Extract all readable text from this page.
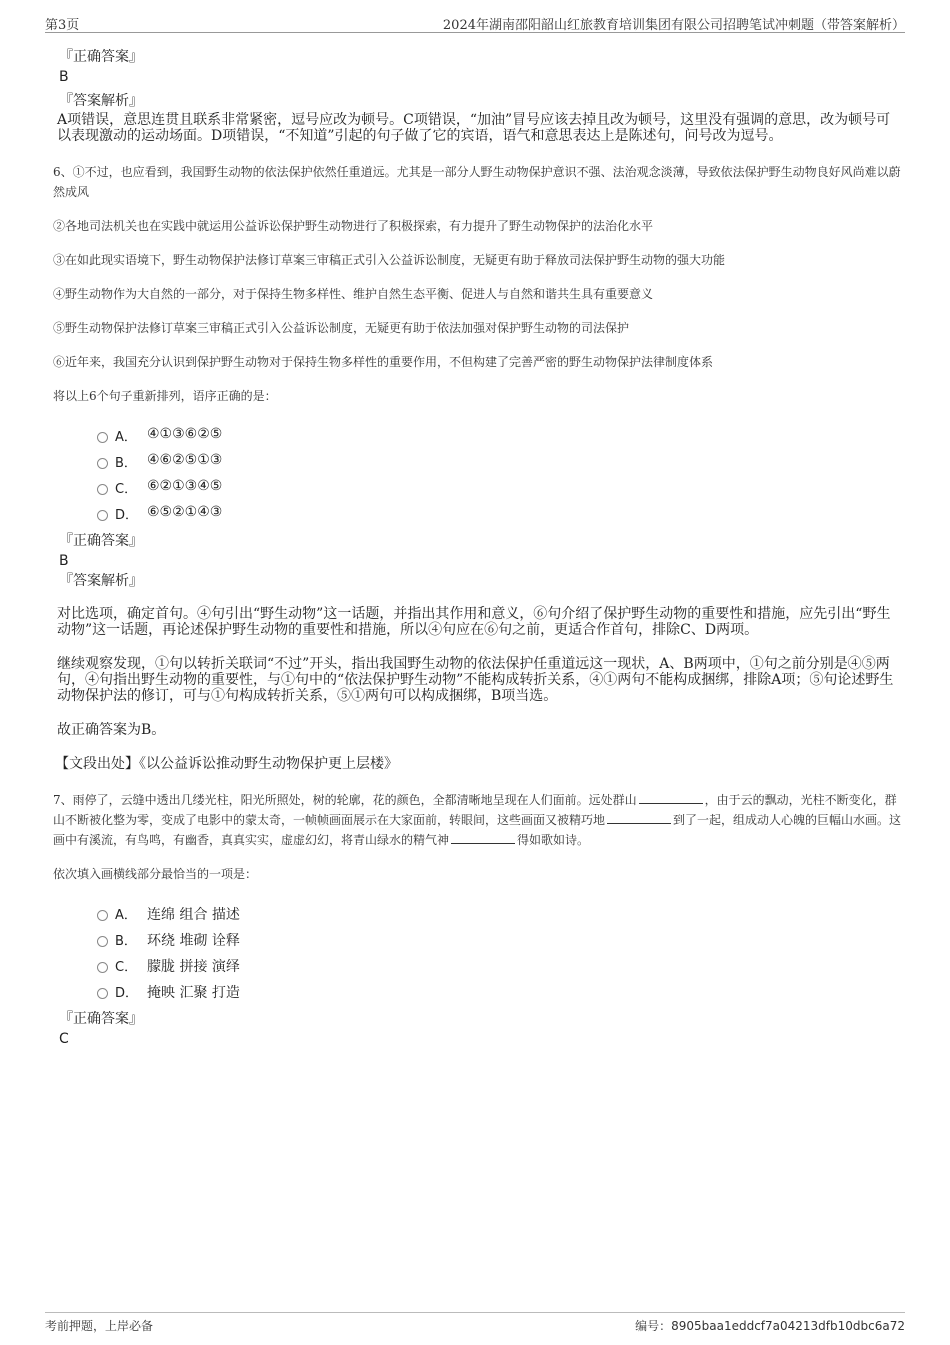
第3页	2024年湖南邵阳韶山红旅教育培训集团有限公司招聘笔试冲刺题（带答案解析）
『正确答案』
B
『答案解析』
A项错误，意思连贯且联系非常紧密，逗号应改为顿号。C项错误，“加油”冒号应该去掉且改为顿号，这里没有强调的意思，改为顿号可以表现激动的运动场面。D项错误，“不知道”引起的句子做了它的宾语，语气和意思表达上是陈述句，问号改为逗号。
6、①不过，也应看到，我国野生动物的依法保护依然任重道远。尤其是一部分人野生动物保护意识不强、法治观念淡薄，导致依法保护野生动物良好风尚难以蔚然成风
②各地司法机关也在实践中就运用公益诉讼保护野生动物进行了积极探索，有力提升了野生动物保护的法治化水平
③在如此现实语境下，野生动物保护法修订草案三审稿正式引入公益诉讼制度，无疑更有助于释放司法保护野生动物的强大功能
④野生动物作为大自然的一部分，对于保持生物多样性、维护自然生态平衡、促进人与自然和谐共生具有重要意义
⑤野生动物保护法修订草案三审稿正式引入公益诉讼制度，无疑更有助于依法加强对保护野生动物的司法保护
⑥近年来，我国充分认识到保护野生动物对于保持生物多样性的重要作用，不但构建了完善严密的野生动物保护法律制度体系
将以上6个句子重新排列，语序正确的是：
A． ④①③⑥②⑤
B． ④⑥②⑤①③
C． ⑥②①③④⑤
D． ⑥⑤②①④③
『正确答案』
B
『答案解析』
对比选项，确定首句。④句引出“野生动物”这一话题，并指出其作用和意义，⑥句介绍了保护野生动物的重要性和措施，应先引出“野生动物”这一话题，再论述保护野生动物的重要性和措施，所以④句应在⑥句之前，更适合作首句，排除C、D两项。
继续观察发现，①句以转折关联词“不过”开头，指出我国野生动物的依法保护任重道远这一现状，A、B两项中，①句之前分别是④⑤两句，④句指出野生动物的重要性，与①句中的“依法保护野生动物”不能构成转折关系，④①两句不能构成捆绑，排除A项；⑤句论述野生动物保护法的修订，可与①句构成转折关系，⑤①两句可以构成捆绑，B项当选。
故正确答案为B。
【文段出处】《以公益诉讼推动野生动物保护更上层楼》
7、雨停了，云缝中透出几缕光柱，阳光所照处，树的轮廓，花的颜色，全都清晰地呈现在人们面前。远处群山	，由于云的飘动，光柱不断变化，群山不断被化整为零，变成了电影中的蒙太奇，一帧帧画面展示在大家面前，转眼间，这些画面又被精巧地	到了一起，组成动人心魄的巨幅山水画。这画中有溪流，有鸟鸣，有幽香，真真实实，虚虚幻幻，将青山绿水的精气神	得如歌如诗。
依次填入画横线部分最恰当的一项是：
A． 连绵 组合 描述
B． 环绕 堆砌 诠释
C． 朦胧 拼接 演绎
D． 掩映 汇聚 打造
『正确答案』
C
考前押题，上岸必备	编号：8905baa1eddcf7a04213dfb10dbc6a72
